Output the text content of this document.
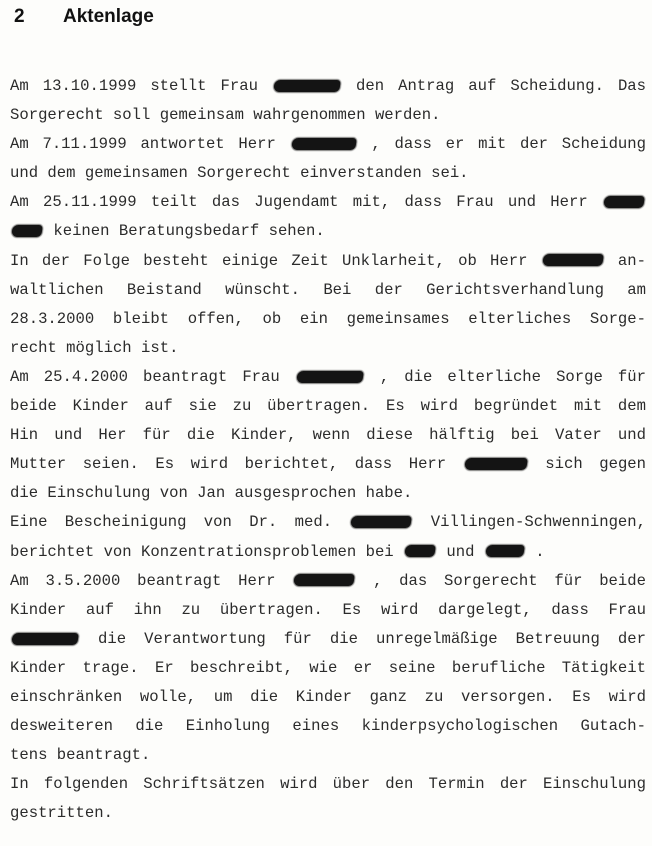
2 Aktenlage
Am 13.10.1999 stellt Frau	den Antrag auf Scheidung. Das
Sorgerecht soll gemeinsam wahrgenommen werden.
Am 7.11.1999 antwortet Herr	, dass er mit der Scheidung
und dem gemeinsamen Sorgerecht einverstanden sei.
Am 25.11.1999 teilt das Jugendamt mit, dass Frau und Herr
keinen Beratungsbedarf sehen.
In der Folge besteht einige Zeit Unklarheit, ob Herr	an-
waltlichen Beistand wünscht. Bei der Gerichtsverhandlung am
28.3.2000 bleibt offen, ob ein gemeinsames elterliches Sorge-
recht möglich ist.
Am 25.4.2000 beantragt Frau	, die elterliche Sorge für
beide Kinder auf sie zu übertragen. Es wird begründet mit dem
Hin und Her für die Kinder, wenn diese hälftig bei Vater und
Mutter seien. Es wird berichtet, dass Herr	sich gegen
die Einschulung von Jan ausgesprochen habe.
Eine Bescheinigung von Dr. med.	Villingen-Schwenningen,
berichtet von Konzentrationsproblemen bei	und	.
Am 3.5.2000 beantragt Herr	, das Sorgerecht für beide
Kinder auf ihn zu übertragen. Es wird dargelegt, dass Frau
die Verantwortung für die unregelmäßige Betreuung der
Kinder trage. Er beschreibt, wie er seine berufliche Tätigkeit
einschränken wolle, um die Kinder ganz zu versorgen. Es wird
desweiteren die Einholung eines kinderpsychologischen Gutach-
tens beantragt.
In folgenden Schriftsätzen wird über den Termin der Einschulung
gestritten.
